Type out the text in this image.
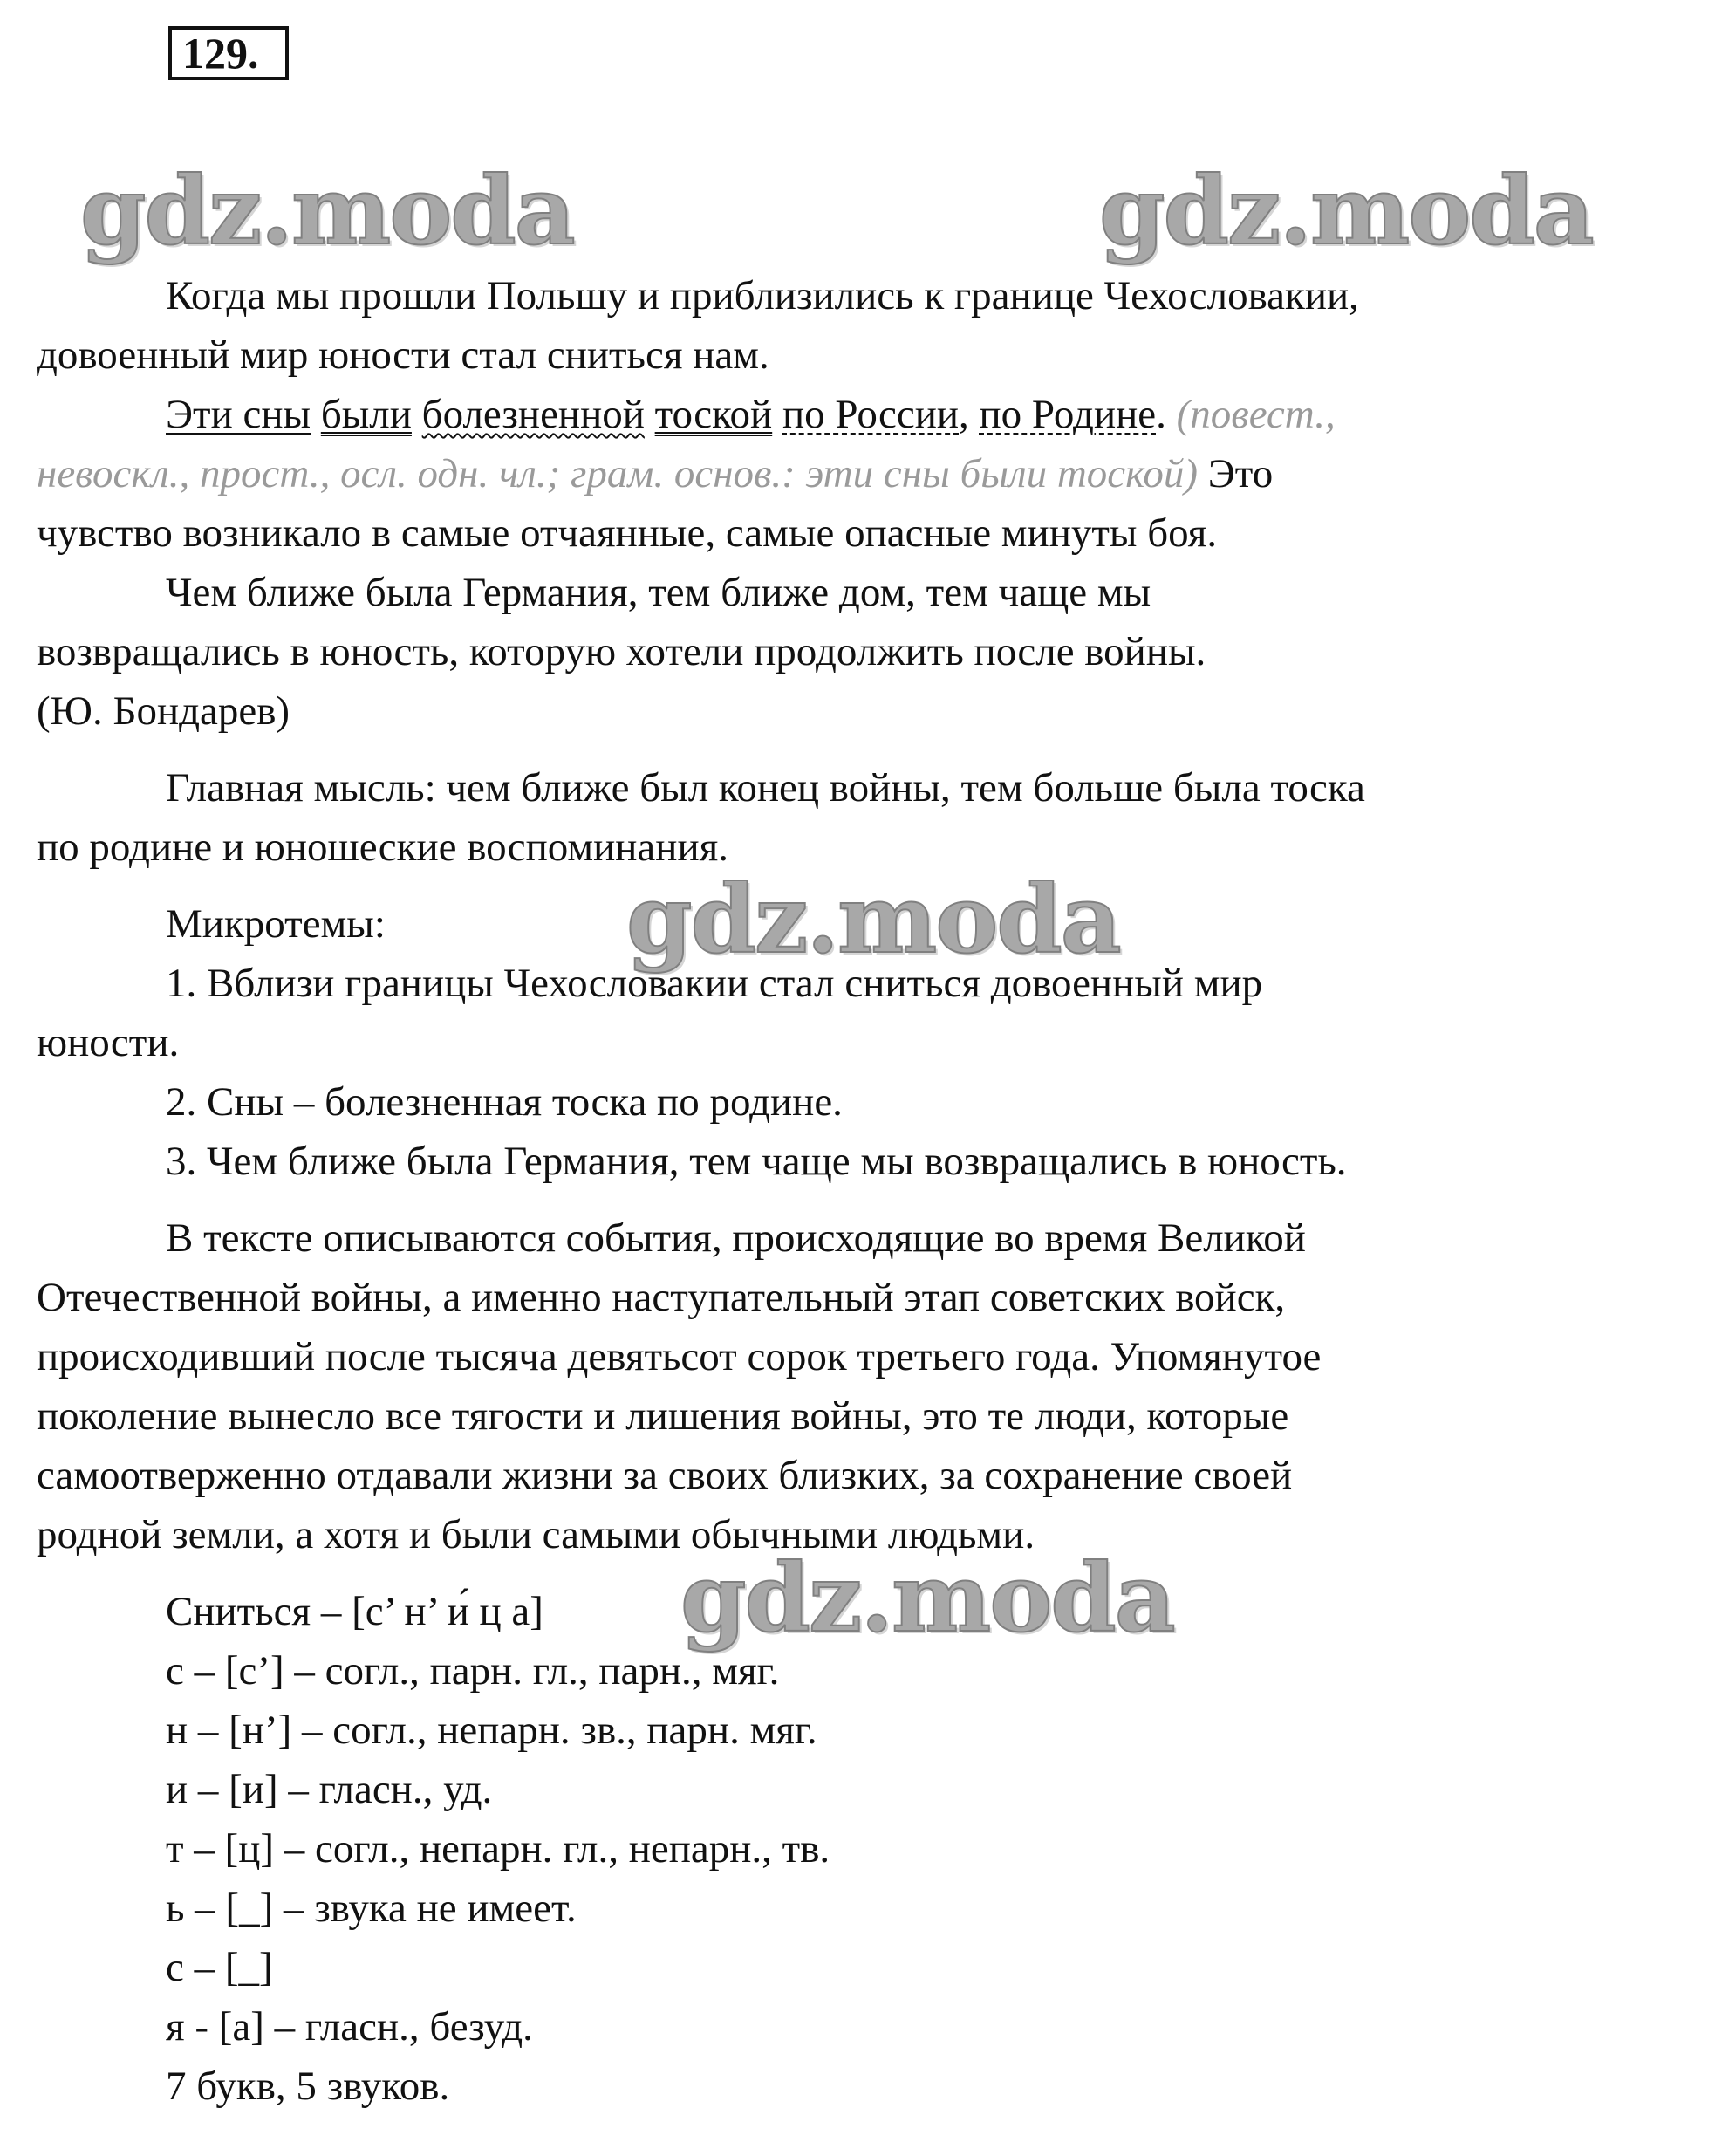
129.
gdz.moda	gdz.moda
Когда мы прошли Польшу и приблизились к границе Чехословакии,
довоенный мир юности стал сниться нам.
Эти сны были болезненной тоской по России, по Родине. (повест.,
невоскл., прост., осл. одн. чл.; грам. основ.: эти сны были тоской) Это
чувство возникало в самые отчаянные, самые опасные минуты боя.
Чем ближе была Германия, тем ближе дом, тем чаще мы
возвращались в юность, которую хотели продолжить после войны.
(Ю. Бондарев)
Главная мысль: чем ближе был конец войны, тем больше была тоска
по родине и юношеские воспоминания.
Микротемы:	gdz.moda
1. Вблизи границы Чехословакии стал сниться довоенный мир
юности.
2. Сны – болезненная тоска по родине.
3. Чем ближе была Германия, тем чаще мы возвращались в юность.
В тексте описываются события, происходящие во время Великой
Отечественной войны, а именно наступательный этап советских войск,
происходивший после тысяча девятьсот сорок третьего года. Упомянутое
поколение вынесло все тягости и лишения войны, это те люди, которые
самоотверженно отдавали жизни за своих близких, за сохранение своей
родной земли, а хотя и были самыми обычными людьми.
Сниться – [с’ н’ и́ ц а] gdz.moda
с – [с’] – согл., парн. гл., парн., мяг.
н – [н’] – согл., непарн. зв., парн. мяг.
и – [и] – гласн., уд.
т – [ц] – согл., непарн. гл., непарн., тв.
ь – [_] – звука не имеет.
с – [_]
я - [а] – гласн., безуд.
7 букв, 5 звуков.
